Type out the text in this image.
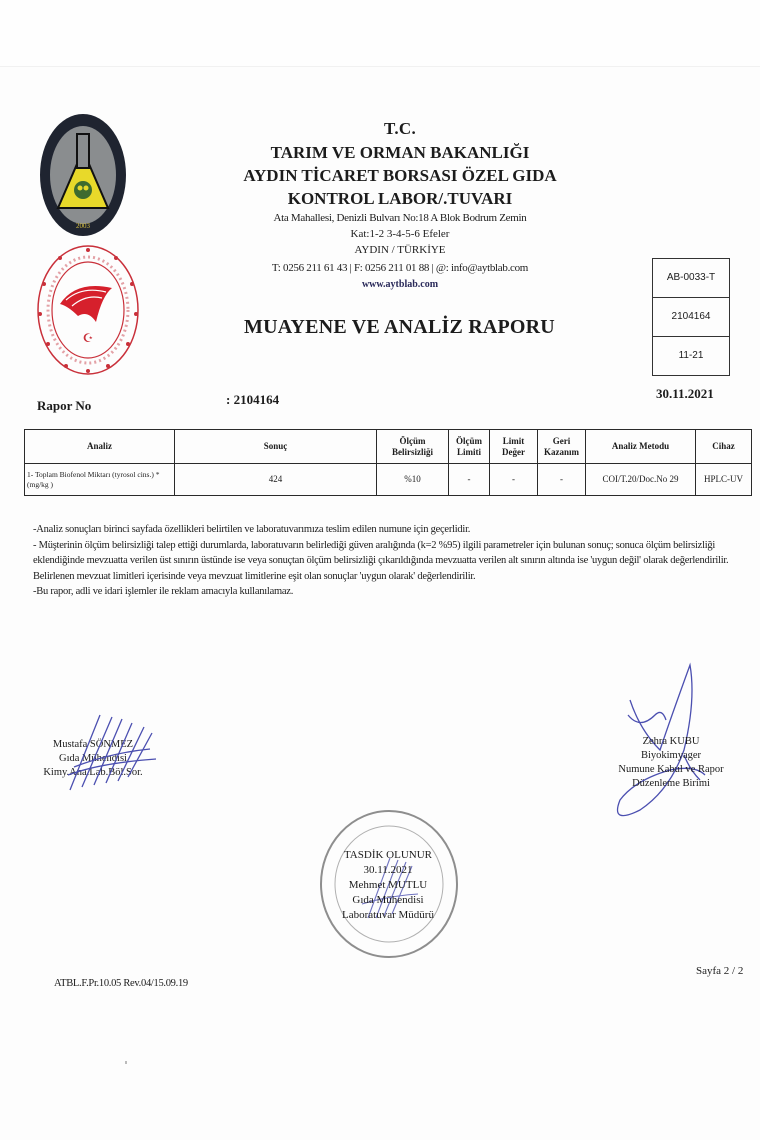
2003
☪
T.C.
TARIM VE ORMAN BAKANLIĞI
AYDIN TİCARET BORSASI ÖZEL GIDA
KONTROL LABOR/.TUVARI
Ata Mahallesi, Denizli Bulvarı No:18 A Blok Bodrum Zemin
Kat:1-2 3-4-5-6 Efeler
AYDIN / TÜRKİYE
T: 0256 211 61 43 | F: 0256 211 01 88 | @: info@aytblab.com
www.aytblab.com
MUAYENE VE ANALİZ RAPORU
AB-0033-T
2104164
11-21
30.11.2021
Rapor No	: 2104164
Analiz	Sonuç	Ölçüm Belirsizliği	Ölçüm Limiti	Limit Değer	Geri Kazanım	Analiz Metodu	Cihaz
1- Toplam Biofenol Miktarı (tyrosol cins.) * (mg/kg )	424	%10	-	-	-	COI/T.20/Doc.No 29	HPLC-UV

-Analiz sonuçları birinci sayfada özellikleri belirtilen ve laboratuvarımıza teslim edilen numune için geçerlidir.

- Müşterinin ölçüm belirsizliği talep ettiği durumlarda, laboratuvarın belirlediği güven aralığında (k=2 %95) ilgili parametreler için bulunan sonuç; sonuca ölçüm belirsizliği eklendiğinde mevzuatta verilen üst sınırın üstünde ise veya sonuçtan ölçüm belirsizliği çıkarıldığında mevzuatta verilen alt sınırın altında ise 'uygun değil' olarak değerlendirilir. Belirlenen mevzuat limitleri içerisinde veya mevzuat limitlerine eşit olan sonuçlar 'uygun olarak' değerlendirilir.

-Bu rapor, adli ve idari işlemler ile reklam amacıyla kullanılamaz.

Mustafa SÖNMEZ
Gıda Mühendisi
Kimy.Ana.Lab.Böl.Sor.
Zehra KUBU
Biyokimyager
Numune Kabul ve Rapor
Düzenleme Birimi
TASDİK OLUNUR
30.11.2021
Mehmet MUTLU
Gıda Mühendisi
Laboratuvar Müdürü
ATBL.F.Pr.10.05 Rev.04/15.09.19
Sayfa 2 / 2
